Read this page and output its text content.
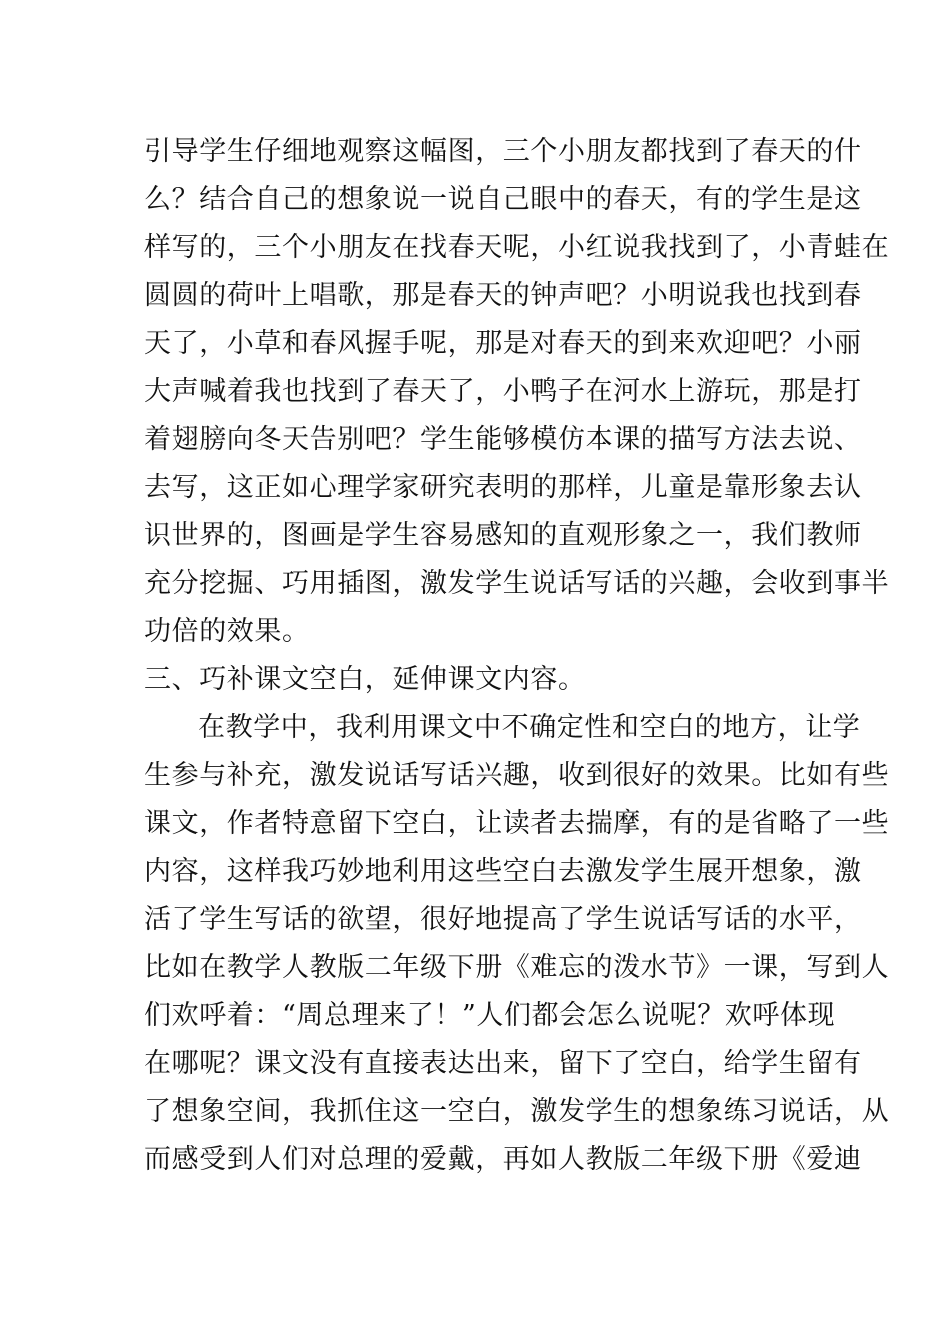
引导学生仔细地观察这幅图，三个小朋友都找到了春天的什
么？结合自己的想象说一说自己眼中的春天，有的学生是这
样写的，三个小朋友在找春天呢，小红说我找到了，小青蛙在
圆圆的荷叶上唱歌，那是春天的钟声吧？小明说我也找到春
天了，小草和春风握手呢，那是对春天的到来欢迎吧？小丽
大声喊着我也找到了春天了，小鸭子在河水上游玩，那是打
着翅膀向冬天告别吧？学生能够模仿本课的描写方法去说、
去写，这正如心理学家研究表明的那样，儿童是靠形象去认
识世界的，图画是学生容易感知的直观形象之一，我们教师
充分挖掘、巧用插图，激发学生说话写话的兴趣，会收到事半
功倍的效果。
三、巧补课文空白，延伸课文内容。
在教学中，我利用课文中不确定性和空白的地方，让学
生参与补充，激发说话写话兴趣，收到很好的效果。比如有些
课文，作者特意留下空白，让读者去揣摩，有的是省略了一些
内容，这样我巧妙地利用这些空白去激发学生展开想象，激
活了学生写话的欲望，很好地提高了学生说话写话的水平，
比如在教学人教版二年级下册《难忘的泼水节》一课，写到人
们欢呼着：“周总理来了！”人们都会怎么说呢？欢呼体现
在哪呢？课文没有直接表达出来，留下了空白，给学生留有
了想象空间，我抓住这一空白，激发学生的想象练习说话，从
而感受到人们对总理的爱戴，再如人教版二年级下册《爱迪
